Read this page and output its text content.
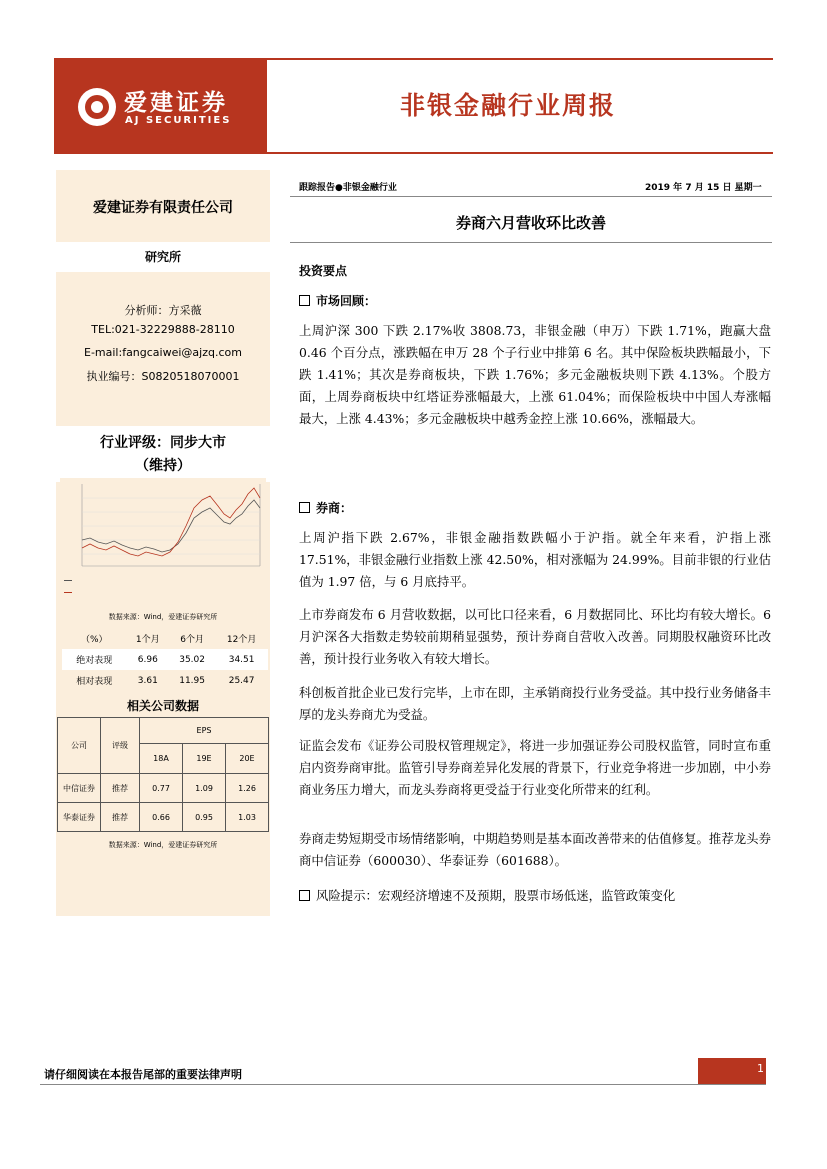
爱建证券
AJ SECURITIES
非银金融行业周报
爱建证券有限责任公司
研究所
分析师：方采薇
TEL:021-32229888-28110
E-mail:fangcaiwei@ajzq.com
执业编号：S0820518070001
行业评级：同步大市
（维持）
数据来源：Wind，爱建证券研究所
（%）	1个月	6个月	12个月
绝对表现	6.96	35.02	34.51
相对表现	3.61	11.95	25.47
相关公司数据
公司	评级	EPS		
		18A	19E	20E
中信证券	推荐	0.77	1.09	1.26
华泰证券	推荐	0.66	0.95	1.03
数据来源：Wind，爱建证券研究所
跟踪报告●非银金融行业	2019 年 7 月 15 日 星期一
券商六月营收环比改善
投资要点
市场回顾：
上周沪深 300 下跌 2.17%收 3808.73，非银金融（申万）下跌 1.71%，跑赢大盘 0.46 个百分点，涨跌幅在申万 28 个子行业中排第 6 名。其中保险板块跌幅最小，下跌 1.41%；其次是券商板块，下跌 1.76%；多元金融板块则下跌 4.13%。个股方面，上周券商板块中红塔证券涨幅最大，上涨 61.04%；而保险板块中中国人寿涨幅最大，上涨 4.43%；多元金融板块中越秀金控上涨 10.66%，涨幅最大。
券商：
上周沪指下跌 2.67%，非银金融指数跌幅小于沪指。就全年来看，沪指上涨 17.51%，非银金融行业指数上涨 42.50%，相对涨幅为 24.99%。目前非银的行业估值为 1.97 倍，与 6 月底持平。
上市券商发布 6 月营收数据，以可比口径来看，6 月数据同比、环比均有较大增长。6 月沪深各大指数走势较前期稍显强势，预计券商自营收入改善。同期股权融资环比改善，预计投行业务收入有较大增长。
科创板首批企业已发行完毕，上市在即，主承销商投行业务受益。其中投行业务储备丰厚的龙头券商尤为受益。
证监会发布《证券公司股权管理规定》，将进一步加强证券公司股权监管，同时宣布重启内资券商审批。监管引导券商差异化发展的背景下，行业竞争将进一步加剧，中小券商业务压力增大，而龙头券商将更受益于行业变化所带来的红利。
券商走势短期受市场情绪影响，中期趋势则是基本面改善带来的估值修复。推荐龙头券商中信证券（600030）、华泰证券（601688）。
风险提示：宏观经济增速不及预期，股票市场低迷，监管政策变化
请仔细阅读在本报告尾部的重要法律声明	1
